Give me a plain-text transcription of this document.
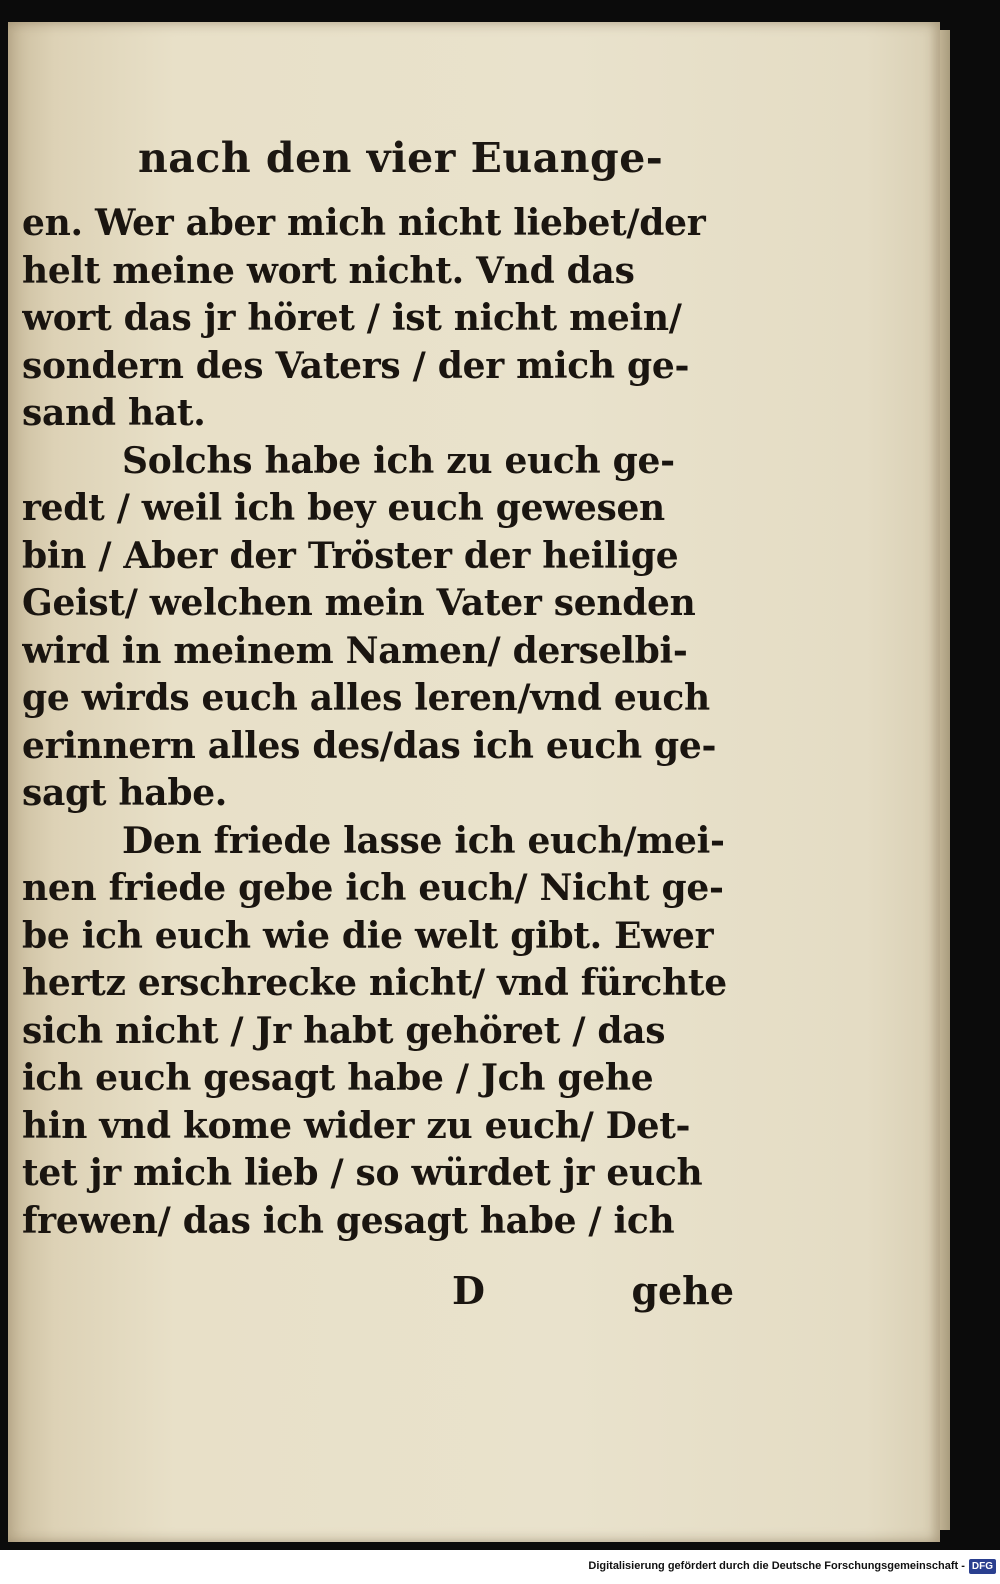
nach den vier Euange-
en. Wer aber mich nicht liebet/der
helt meine wort nicht. Vnd das
wort das jr höret / ist nicht mein/
sondern des Vaters / der mich ge-
sand hat.
Solchs habe ich zu euch ge-
redt / weil ich bey euch gewesen
bin / Aber der Tröster der heilige
Geist/ welchen mein Vater senden
wird in meinem Namen/ derselbi-
ge wirds euch alles leren/vnd euch
erinnern alles des/das ich euch ge-
sagt habe.
Den friede lasse ich euch/mei-
nen friede gebe ich euch/ Nicht ge-
be ich euch wie die welt gibt. Ewer
hertz erschrecke nicht/ vnd fürchte
sich nicht / Jr habt gehöret / das
ich euch gesagt habe / Jch gehe
hin vnd kome wider zu euch/ Det-
tet jr mich lieb / so würdet jr euch
frewen/ das ich gesagt habe / ich
D	gehe
Digitalisierung gefördert durch die Deutsche Forschungsgemeinschaft - DFG
